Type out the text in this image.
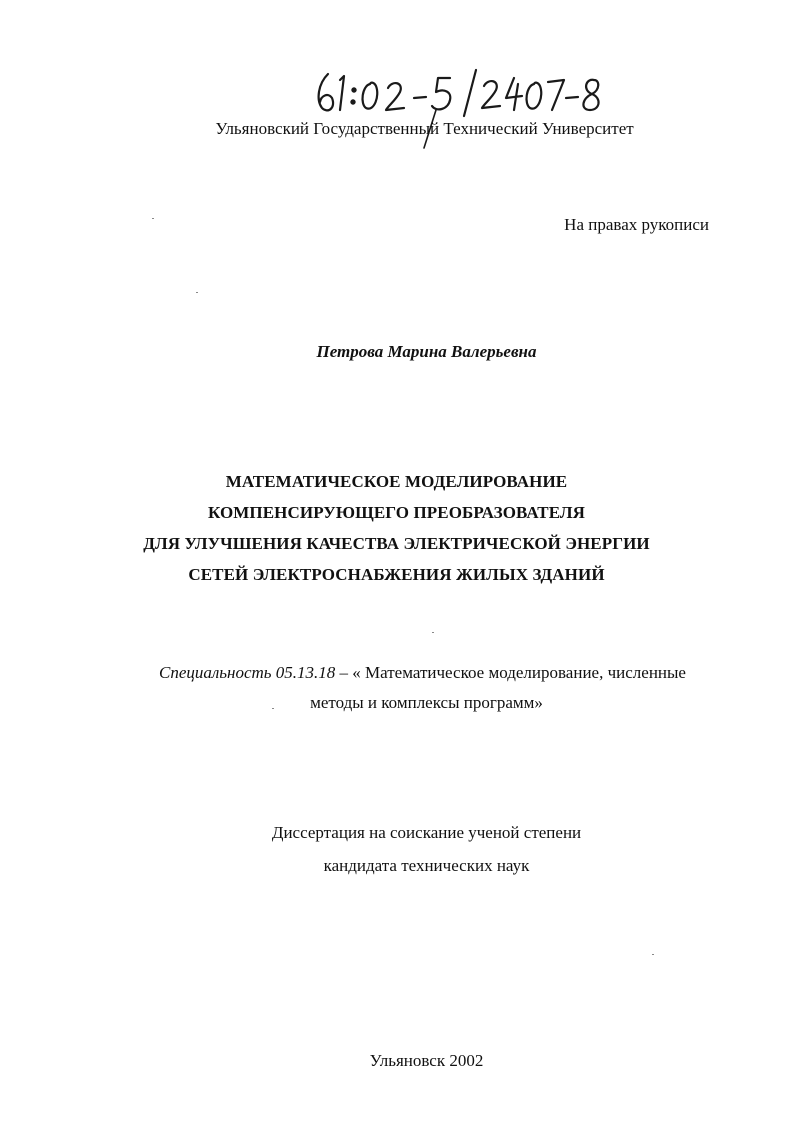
Ульяновский Государственный Технический Университет
На правах рукописи
Петрова Марина Валерьевна
МАТЕМАТИЧЕСКОЕ МОДЕЛИРОВАНИЕ
КОМПЕНСИРУЮЩЕГО ПРЕОБРАЗОВАТЕЛЯ
ДЛЯ УЛУЧШЕНИЯ КАЧЕСТВА ЭЛЕКТРИЧЕСКОЙ ЭНЕРГИИ
СЕТЕЙ ЭЛЕКТРОСНАБЖЕНИЯ ЖИЛЫХ ЗДАНИЙ
Специальность 05.13.18 – « Математическое моделирование, численные
методы и комплексы программ»
Диссертация на соискание ученой степени
кандидата технических наук
Ульяновск 2002
